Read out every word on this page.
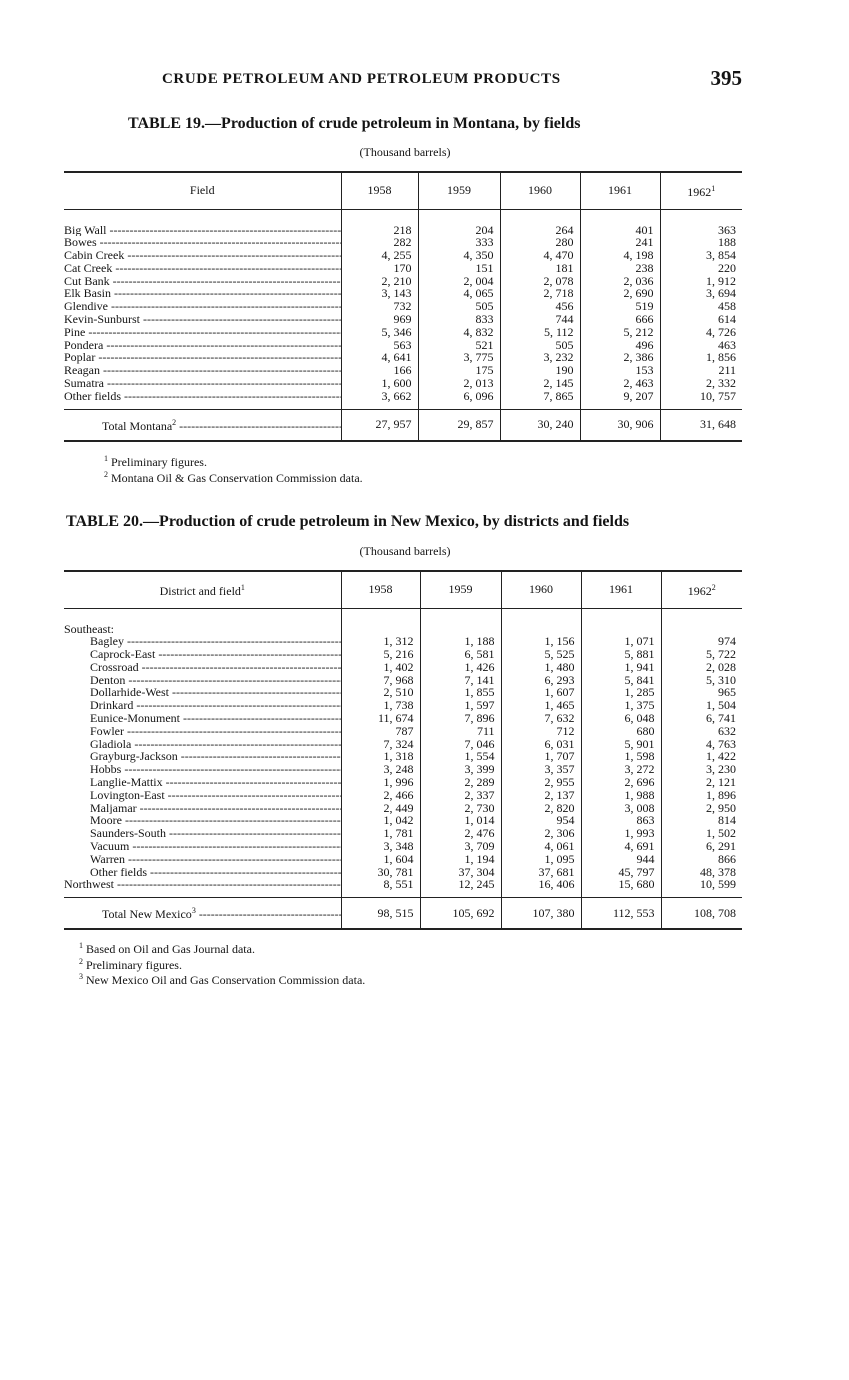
CRUDE PETROLEUM AND PETROLEUM PRODUCTS	395
TABLE 19.—Production of crude petroleum in Montana, by fields
(Thousand barrels)
Field	1958	1959	1960	1961	1962$^1$

Big Wall -----	218	204	264	401	363
Bowes -----	282	333	280	241	188
Cabin Creek -----	4, 255	4, 350	4, 470	4, 198	3, 854
Cat Creek -----	170	151	181	238	220
Cut Bank -----	2, 210	2, 004	2, 078	2, 036	1, 912
Elk Basin -----	3, 143	4, 065	2, 718	2, 690	3, 694
Glendive -----	732	505	456	519	458
Kevin-Sunburst -----	969	833	744	666	614
Pine -----	5, 346	4, 832	5, 112	5, 212	4, 726
Pondera -----	563	521	505	496	463
Poplar -----	4, 641	3, 775	3, 232	2, 386	1, 856
Reagan -----	166	175	190	153	211
Sumatra -----	1, 600	2, 013	2, 145	2, 463	2, 332
Other fields -----	3, 662	6, 096	7, 865	9, 207	10, 757

Total Montana$^2$ -----	27, 957	29, 857	30, 240	30, 906	31, 648

$^1$ Preliminary figures.
$^2$ Montana Oil & Gas Conservation Commission data.
TABLE 20.—Production of crude petroleum in New Mexico, by districts and fields
(Thousand barrels)
District and field$^1$	1958	1959	1960	1961	1962$^2$

Southeast:					
Bagley -----	1, 312	1, 188	1, 156	1, 071	974
Caprock-East -----	5, 216	6, 581	5, 525	5, 881	5, 722
Crossroad -----	1, 402	1, 426	1, 480	1, 941	2, 028
Denton -----	7, 968	7, 141	6, 293	5, 841	5, 310
Dollarhide-West -----	2, 510	1, 855	1, 607	1, 285	965
Drinkard -----	1, 738	1, 597	1, 465	1, 375	1, 504
Eunice-Monument -----	11, 674	7, 896	7, 632	6, 048	6, 741
Fowler -----	787	711	712	680	632
Gladiola -----	7, 324	7, 046	6, 031	5, 901	4, 763
Grayburg-Jackson -----	1, 318	1, 554	1, 707	1, 598	1, 422
Hobbs -----	3, 248	3, 399	3, 357	3, 272	3, 230
Langlie-Mattix -----	1, 996	2, 289	2, 955	2, 696	2, 121
Lovington-East -----	2, 466	2, 337	2, 137	1, 988	1, 896
Maljamar -----	2, 449	2, 730	2, 820	3, 008	2, 950
Moore -----	1, 042	1, 014	954	863	814
Saunders-South -----	1, 781	2, 476	2, 306	1, 993	1, 502
Vacuum -----	3, 348	3, 709	4, 061	4, 691	6, 291
Warren -----	1, 604	1, 194	1, 095	944	866
Other fields -----	30, 781	37, 304	37, 681	45, 797	48, 378
Northwest -----	8, 551	12, 245	16, 406	15, 680	10, 599

Total New Mexico$^3$ -----	98, 515	105, 692	107, 380	112, 553	108, 708

$^1$ Based on Oil and Gas Journal data.
$^2$ Preliminary figures.
$^3$ New Mexico Oil and Gas Conservation Commission data.
